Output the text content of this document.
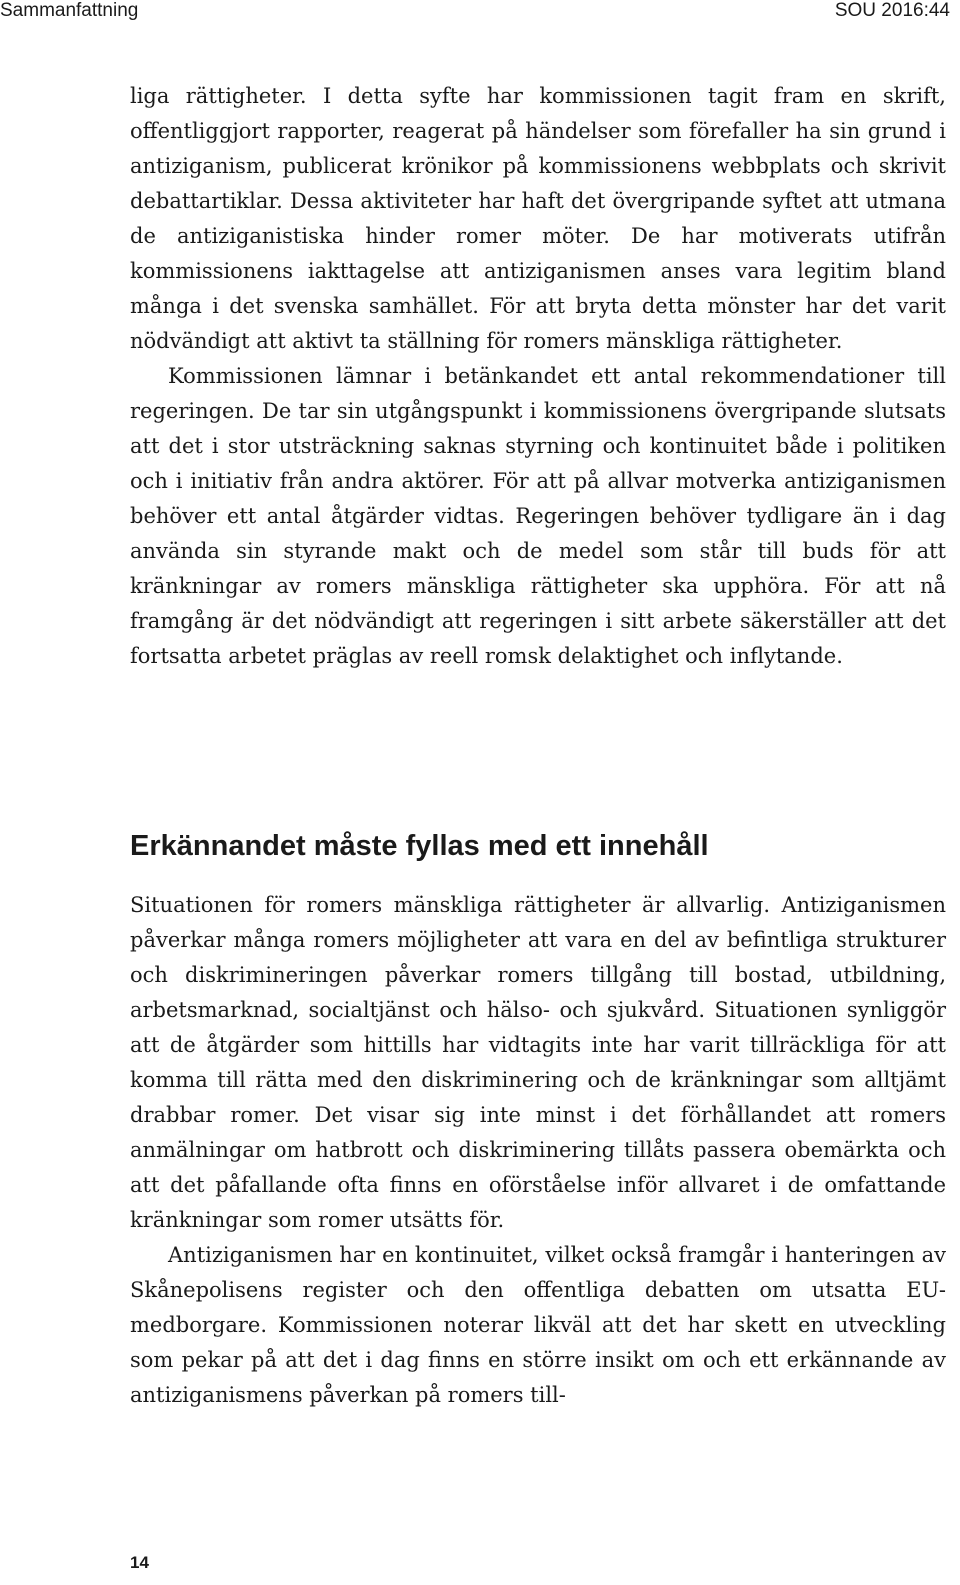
Sammanfattning	SOU 2016:44

liga rättigheter. I detta syfte har kommissionen tagit fram en skrift, offentliggjort rapporter, reagerat på händelser som förefaller ha sin grund i antiziganism, publicerat krönikor på kommissionens webbplats och skrivit debattartiklar. Dessa aktiviteter har haft det övergripande syftet att utmana de antiziganistiska hinder romer möter. De har motiverats utifrån kommissionens iakttagelse att antiziganismen anses vara legitim bland många i det svenska samhället. För att bryta detta mönster har det varit nödvändigt att aktivt ta ställning för romers mänskliga rättigheter.

Kommissionen lämnar i betänkandet ett antal rekommendationer till regeringen. De tar sin utgångspunkt i kommissionens övergripande slutsats att det i stor utsträckning saknas styrning och kontinuitet både i politiken och i initiativ från andra aktörer. För att på allvar motverka antiziganismen behöver ett antal åtgärder vidtas. Regeringen behöver tydligare än i dag använda sin styrande makt och de medel som står till buds för att kränkningar av romers mänskliga rättigheter ska upphöra. För att nå framgång är det nödvändigt att regeringen i sitt arbete säkerställer att det fortsatta arbetet präglas av reell romsk delaktighet och inflytande.

Erkännandet måste fyllas med ett innehåll

Situationen för romers mänskliga rättigheter är allvarlig. Antiziganismen påverkar många romers möjligheter att vara en del av befintliga strukturer och diskrimineringen påverkar romers tillgång till bostad, utbildning, arbetsmarknad, socialtjänst och hälso- och sjukvård. Situationen synliggör att de åtgärder som hittills har vidtagits inte har varit tillräckliga för att komma till rätta med den diskriminering och de kränkningar som alltjämt drabbar romer. Det visar sig inte minst i det förhållandet att romers anmälningar om hatbrott och diskriminering tillåts passera obemärkta och att det påfallande ofta finns en oförståelse inför allvaret i de omfattande kränkningar som romer utsätts för.

Antiziganismen har en kontinuitet, vilket också framgår i hanteringen av Skånepolisens register och den offentliga debatten om utsatta EU-medborgare. Kommissionen noterar likväl att det har skett en utveckling som pekar på att det i dag finns en större insikt om och ett erkännande av antiziganismens påverkan på romers till-

14
